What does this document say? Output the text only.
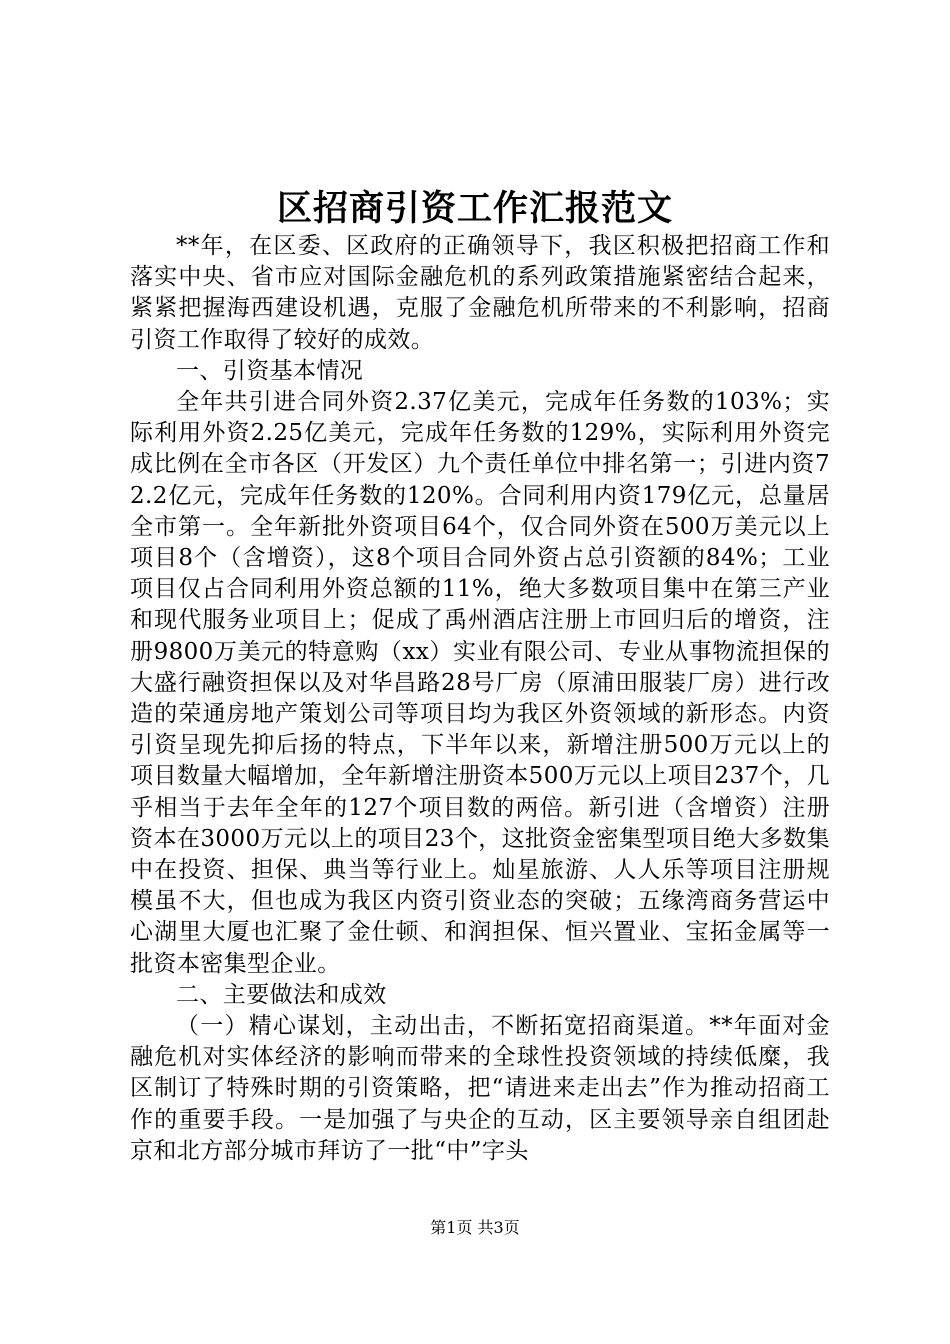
区招商引资工作汇报范文

**年，在区委、区政府的正确领导下，我区积极把招商工作和落实中央、省市应对国际金融危机的系列政策措施紧密结合起来，紧紧把握海西建设机遇，克服了金融危机所带来的不利影响，招商引资工作取得了较好的成效。

一、引资基本情况

全年共引进合同外资2.37亿美元，完成年任务数的103%；实际利用外资2.25亿美元，完成年任务数的129%，实际利用外资完成比例在全市各区（开发区）九个责任单位中排名第一；引进内资72.2亿元，完成年任务数的120%。合同利用内资179亿元，总量居全市第一。全年新批外资项目64个，仅合同外资在500万美元以上项目8个（含增资），这8个项目合同外资占总引资额的84%；工业项目仅占合同利用外资总额的11%，绝大多数项目集中在第三产业和现代服务业项目上；促成了禹州酒店注册上市回归后的增资，注册9800万美元的特意购（xx）实业有限公司、专业从事物流担保的大盛行融资担保以及对华昌路28号厂房（原浦田服装厂房）进行改造的荣通房地产策划公司等项目均为我区外资领域的新形态。内资引资呈现先抑后扬的特点，下半年以来，新增注册500万元以上的项目数量大幅增加，全年新增注册资本500万元以上项目237个，几乎相当于去年全年的127个项目数的两倍。新引进（含增资）注册资本在3000万元以上的项目23个，这批资金密集型项目绝大多数集中在投资、担保、典当等行业上。灿星旅游、人人乐等项目注册规模虽不大，但也成为我区内资引资业态的突破；五缘湾商务营运中心湖里大厦也汇聚了金仕顿、和润担保、恒兴置业、宝拓金属等一批资本密集型企业。

二、主要做法和成效

（一）精心谋划，主动出击，不断拓宽招商渠道。**年面对金融危机对实体经济的影响而带来的全球性投资领域的持续低糜，我区制订了特殊时期的引资策略，把“请进来走出去”作为推动招商工作的重要手段。一是加强了与央企的互动，区主要领导亲自组团赴京和北方部分城市拜访了一批“中”字头

第1页 共3页
